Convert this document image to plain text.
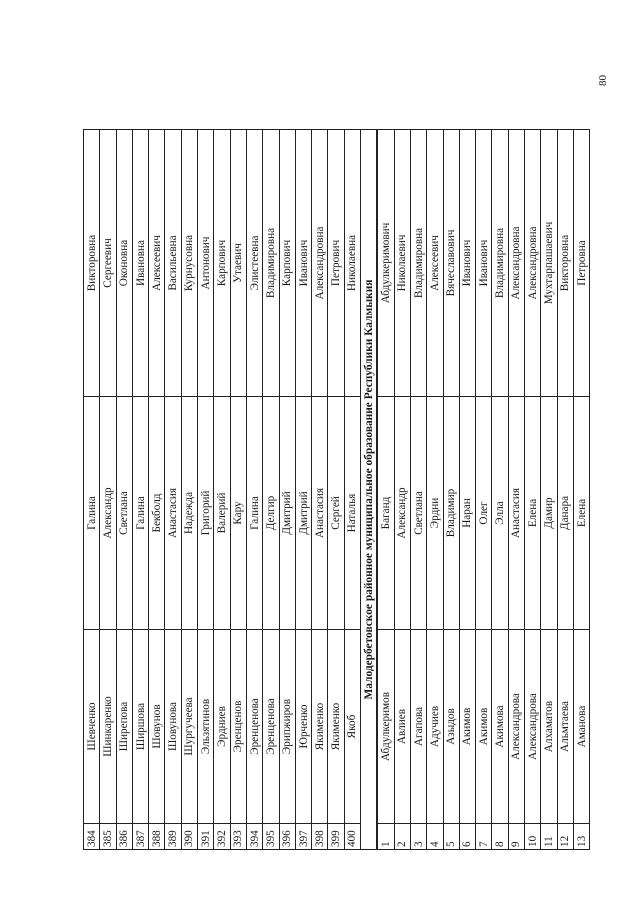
80
384	Шевченко	Галина	Викторовна
385	Шинкаренко	Александр	Сергеевич
386	Ширепова	Светлана	Оконовна
387	Ширшова	Галина	Ивановна
388	Шовунов	Бекболд	Алексеевич
389	Шовунова	Анастасия	Васильевна
390	Шургучеева	Надежда	Курнусовна
391	Эльзятинов	Григорий	Антонович
392	Эрдниев	Валерий	Карпович
393	Эренценов	Кару	Утаевич
394	Эренценова	Галина	Элистеевна
395	Эренценова	Делгир	Владимировна
396	Эрипжиров	Дмитрий	Карпович
397	Юрченко	Дмитрий	Иванович
398	Якименко	Анастасия	Александровна
399	Якименко	Сергей	Петрович
400	Якоб	Наталья	Николаевна
Малодербетовское районное муниципальное образование Республики Калмыкия			
1	Абдулкеримов	Баганд	Абдулкеримович
2	Авлиев	Александр	Николаевич
3	Агапова	Светлана	Владимировна
4	Адучиев	Эрдни	Алексеевич
5	Азыдов	Владимир	Вячеславович
6	Акимов	Наран	Иванович
7	Акимов	Олег	Иванович
8	Акимова	Элла	Владимировна
9	Александрова	Анастасия	Александровна
10	Александрова	Елена	Александровна
11	Алхаматов	Дамир	Мухтарпашаевич
12	Альмтаева	Данара	Викторовна
13	Аманова	Елена	Петровна
